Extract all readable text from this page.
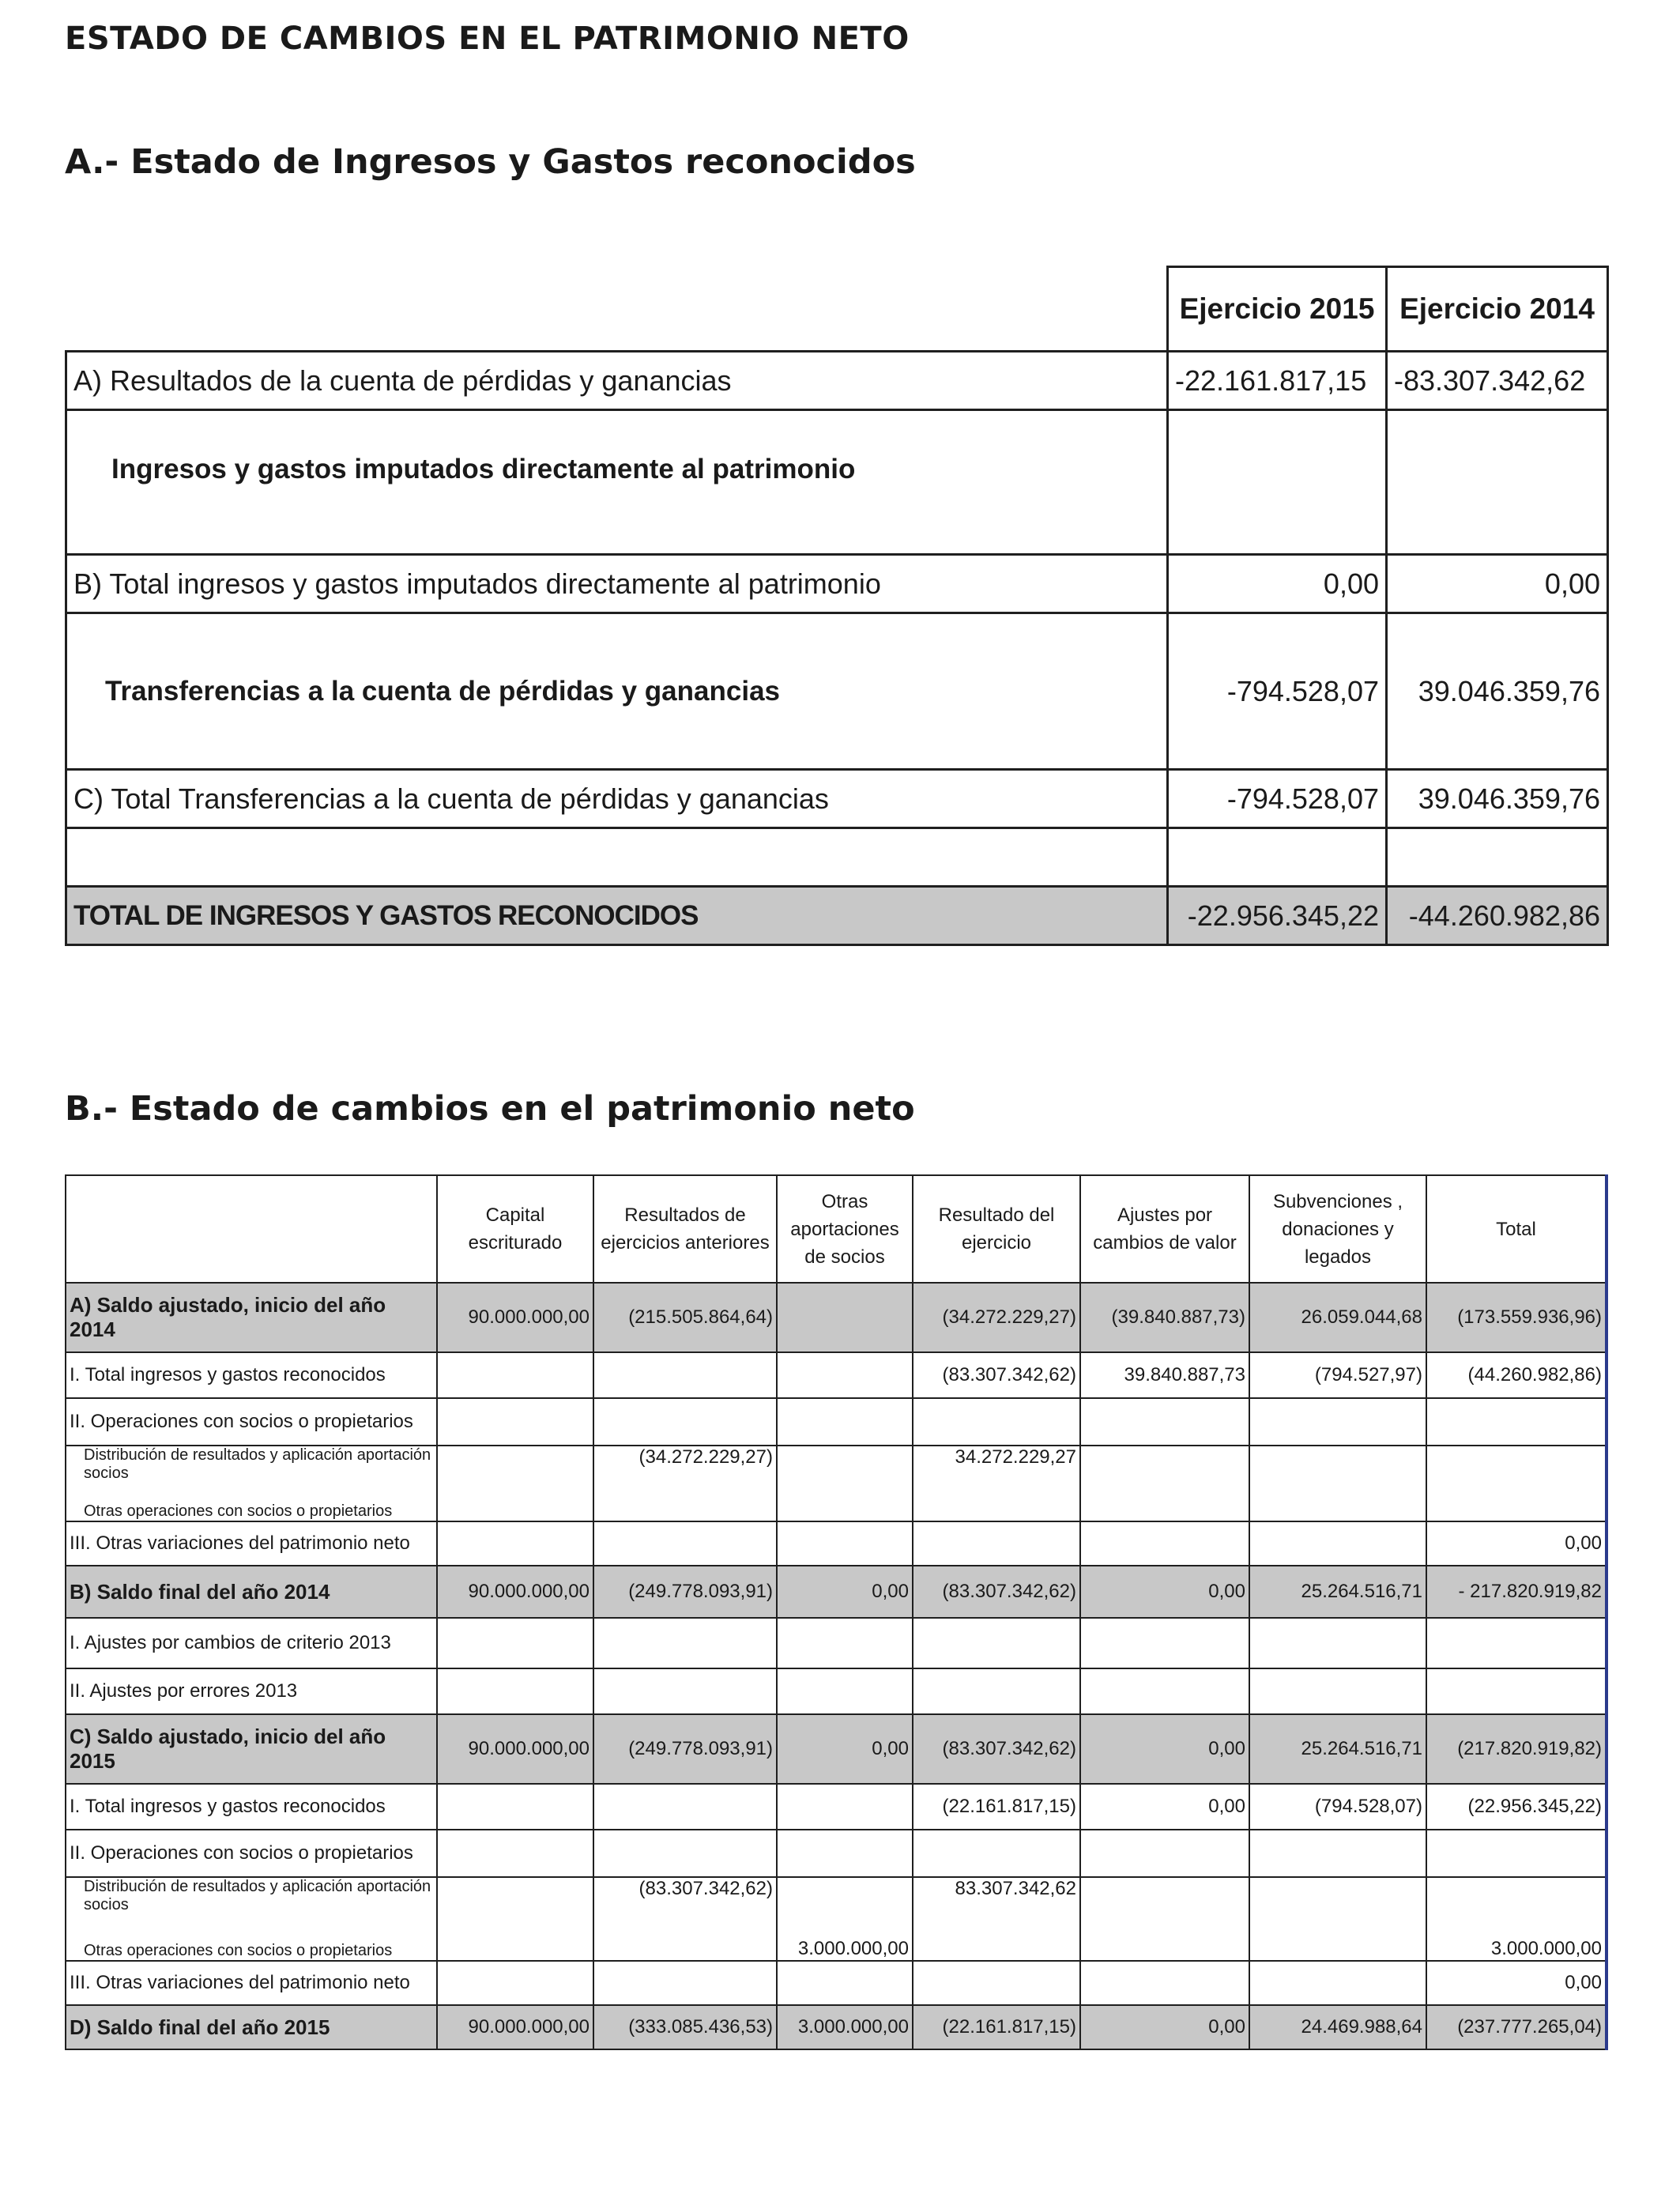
ESTADO DE CAMBIOS EN EL PATRIMONIO NETO
A.- Estado de Ingresos y Gastos reconocidos
	Ejercicio 2015	Ejercicio 2014
A) Resultados de la cuenta de pérdidas y ganancias	-22.161.817,15	-83.307.342,62
Ingresos y gastos imputados directamente al patrimonio		
B) Total ingresos y gastos imputados directamente al patrimonio	0,00	0,00
Transferencias a la cuenta de pérdidas y ganancias	-794.528,07	39.046.359,76
C) Total Transferencias a la cuenta de pérdidas y ganancias	-794.528,07	39.046.359,76

TOTAL DE INGRESOS Y GASTOS RECONOCIDOS	-22.956.345,22	-44.260.982,86
B.- Estado de cambios en el patrimonio neto
	Capital escriturado	Resultados de ejercicios anteriores	Otras aportaciones de socios	Resultado del ejercicio	Ajustes por cambios de valor	Subvenciones , donaciones y legados	Total
A) Saldo ajustado, inicio del año 2014	90.000.000,00	(215.505.864,64)		(34.272.229,27)	(39.840.887,73)	26.059.044,68	(173.559.936,96)
I. Total ingresos y gastos reconocidos				(83.307.342,62)	39.840.887,73	(794.527,97)	(44.260.982,86)
II. Operaciones con socios o propietarios							
Distribución de resultados y aplicación aportación socios		(34.272.229,27)		34.272.229,27			
Otras operaciones con socios o propietarios							
III. Otras variaciones del patrimonio neto							0,00
B) Saldo final del año 2014	90.000.000,00	(249.778.093,91)	0,00	(83.307.342,62)	0,00	25.264.516,71	- 217.820.919,82
I. Ajustes por cambios de criterio 2013							
II. Ajustes por errores 2013							
C) Saldo ajustado, inicio del año 2015	90.000.000,00	(249.778.093,91)	0,00	(83.307.342,62)	0,00	25.264.516,71	(217.820.919,82)
I. Total ingresos y gastos reconocidos				(22.161.817,15)	0,00	(794.528,07)	(22.956.345,22)
II. Operaciones con socios o propietarios							
Distribución de resultados y aplicación aportación socios		(83.307.342,62)		83.307.342,62			
Otras operaciones con socios o propietarios			3.000.000,00				3.000.000,00
III. Otras variaciones del patrimonio neto							0,00
D) Saldo final del año 2015	90.000.000,00	(333.085.436,53)	3.000.000,00	(22.161.817,15)	0,00	24.469.988,64	(237.777.265,04)
